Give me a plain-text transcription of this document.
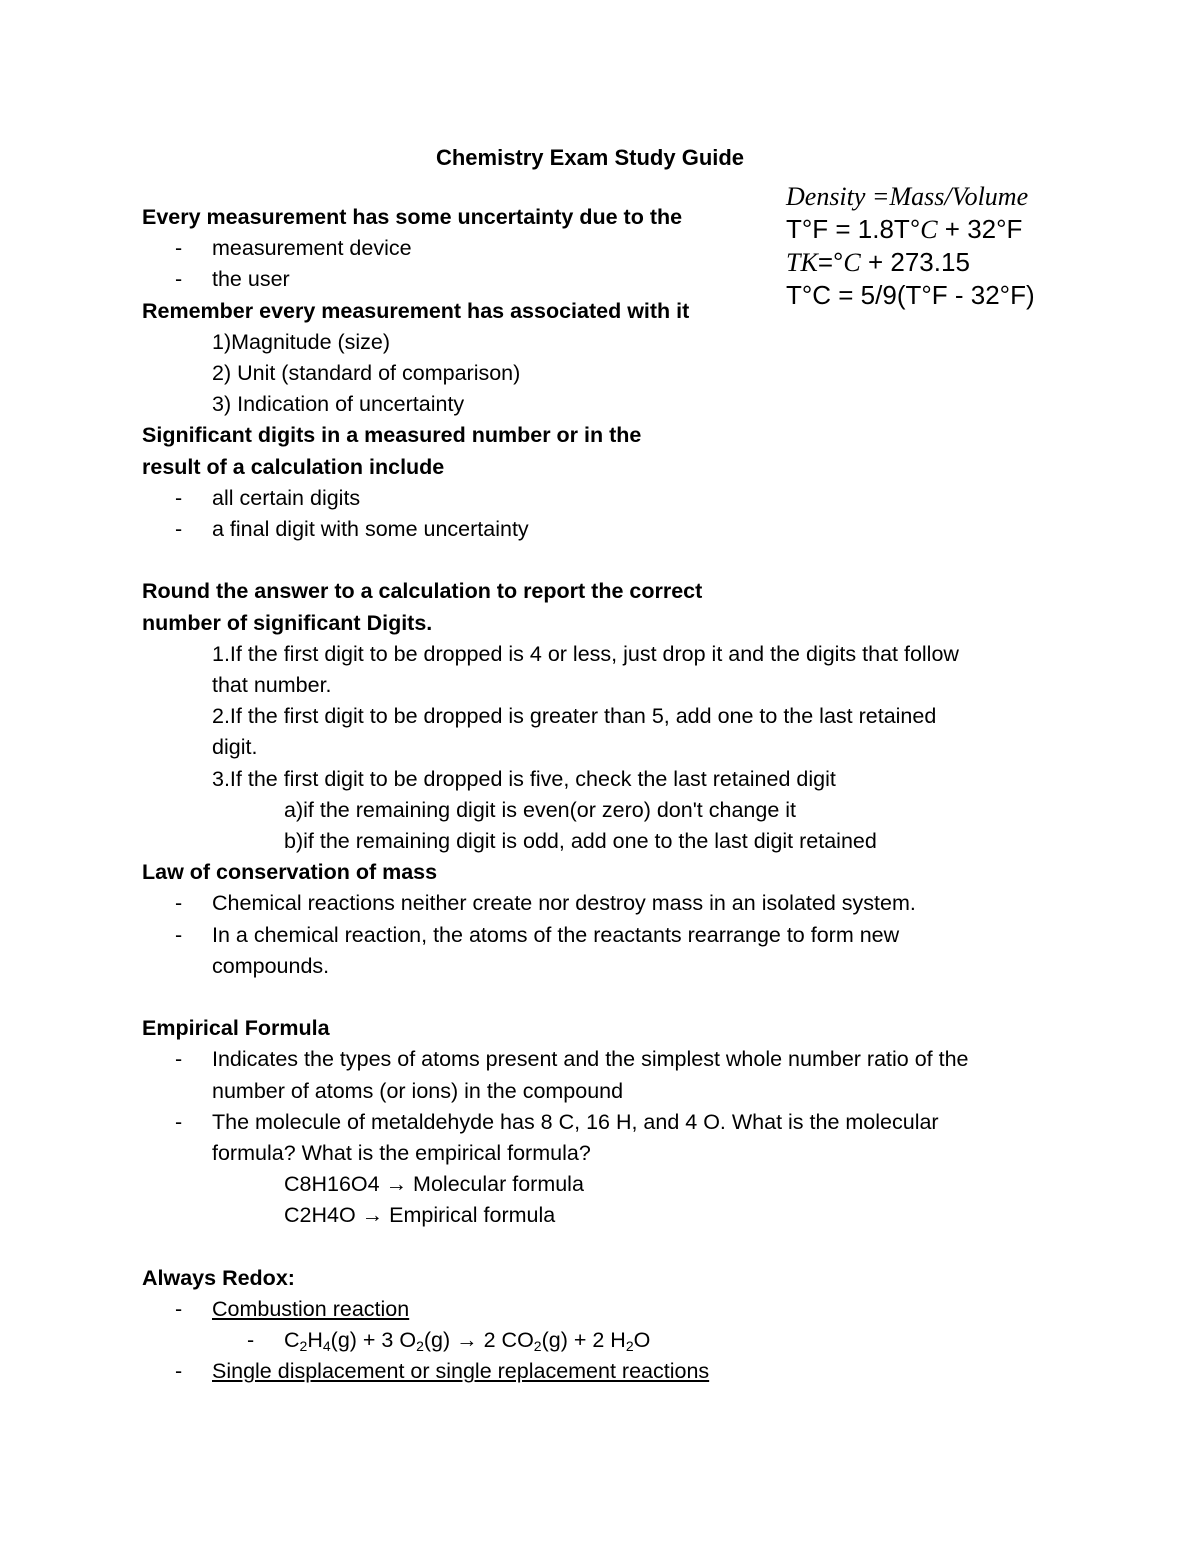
Chemistry Exam Study Guide
Density =Mass/Volume
T°F = 1.8T°C + 32°F
TK=°C + 273.15
T°C = 5/9(T°F - 32°F)
Every measurement has some uncertainty due to the
- measurement device
- the user
Remember every measurement has associated with it
1)Magnitude (size)
2) Unit (standard of comparison)
3) Indication of uncertainty
Significant digits in a measured number or in the
result of a calculation include
- all certain digits
- a final digit with some uncertainty
Round the answer to a calculation to report the correct
number of significant Digits.
1.If the first digit to be dropped is 4 or less, just drop it and the digits that follow
that number.
2.If the first digit to be dropped is greater than 5, add one to the last retained
digit.
3.If the first digit to be dropped is five, check the last retained digit
a)if the remaining digit is even(or zero) don't change it
b)if the remaining digit is odd, add one to the last digit retained
Law of conservation of mass
- Chemical reactions neither create nor destroy mass in an isolated system.
- In a chemical reaction, the atoms of the reactants rearrange to form new
compounds.
Empirical Formula
- Indicates the types of atoms present and the simplest whole number ratio of the
number of atoms (or ions) in the compound
- The molecule of metaldehyde has 8 C, 16 H, and 4 O. What is the molecular
formula? What is the empirical formula?
C8H16O4 → Molecular formula
C2H4O → Empirical formula
Always Redox:
- Combustion reaction
- $C_2H_4(g) + 3$ $O_2(g) \to 2$ $CO_2(g) + 2$ $H_2O$
- Single displacement or single replacement reactions
